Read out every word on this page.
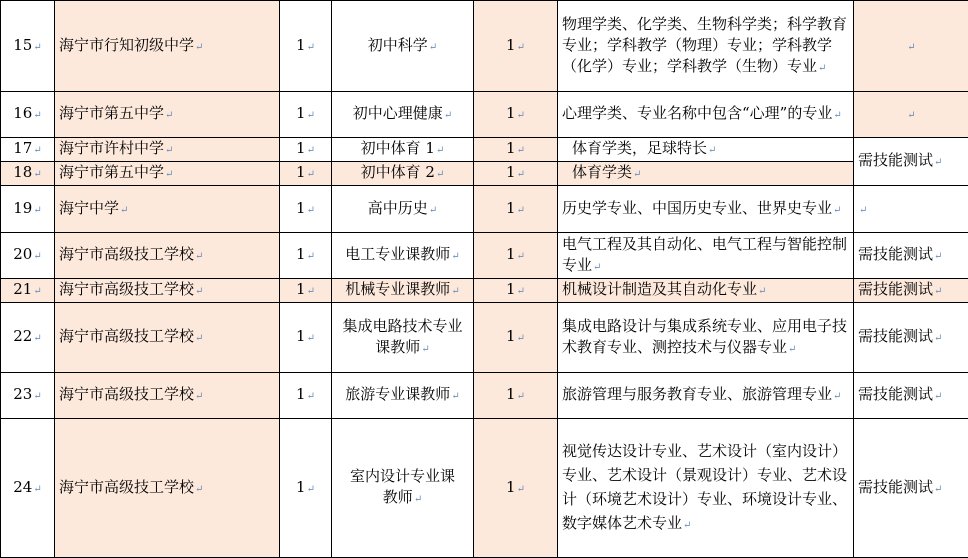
15↵	海宁市行知初级中学↵	1↵	初中科学↵	1↵	物理学类、化学类、生物科学类；科学教育专业；学科教学（物理）专业；学科教学（化学）专业；学科教学（生物）专业↵	↵
16↵	海宁市第五中学↵	1↵	初中心理健康↵	1↵	心理学类、专业名称中包含“心理”的专业↵	↵
17↵	海宁市许村中学↵	1↵	初中体育 1↵	1↵	体育学类，足球特长↵	需技能测试↵
18↵	海宁市第五中学↵	1↵	初中体育 2↵	1↵	体育学类↵	
19↵	海宁中学↵	1↵	高中历史↵	1↵	历史学专业、中国历史专业、世界史专业↵	↵
20↵	海宁市高级技工学校↵	1↵	电工专业课教师↵	1↵	电气工程及其自动化、电气工程与智能控制专业↵	需技能测试↵
21↵	海宁市高级技工学校↵	1↵	机械专业课教师↵	1↵	机械设计制造及其自动化专业↵	需技能测试↵
22↵	海宁市高级技工学校↵	1↵	集成电路技术专业课教师↵	1↵	集成电路设计与集成系统专业、应用电子技术教育专业、测控技术与仪器专业↵	需技能测试↵
23↵	海宁市高级技工学校↵	1↵	旅游专业课教师↵	1↵	旅游管理与服务教育专业、旅游管理专业↵	需技能测试↵
24↵	海宁市高级技工学校↵	1↵	室内设计专业课教师↵	1↵	视觉传达设计专业、艺术设计（室内设计）专业、艺术设计（景观设计）专业、艺术设计（环境艺术设计）专业、环境设计专业、数字媒体艺术专业↵	需技能测试↵
